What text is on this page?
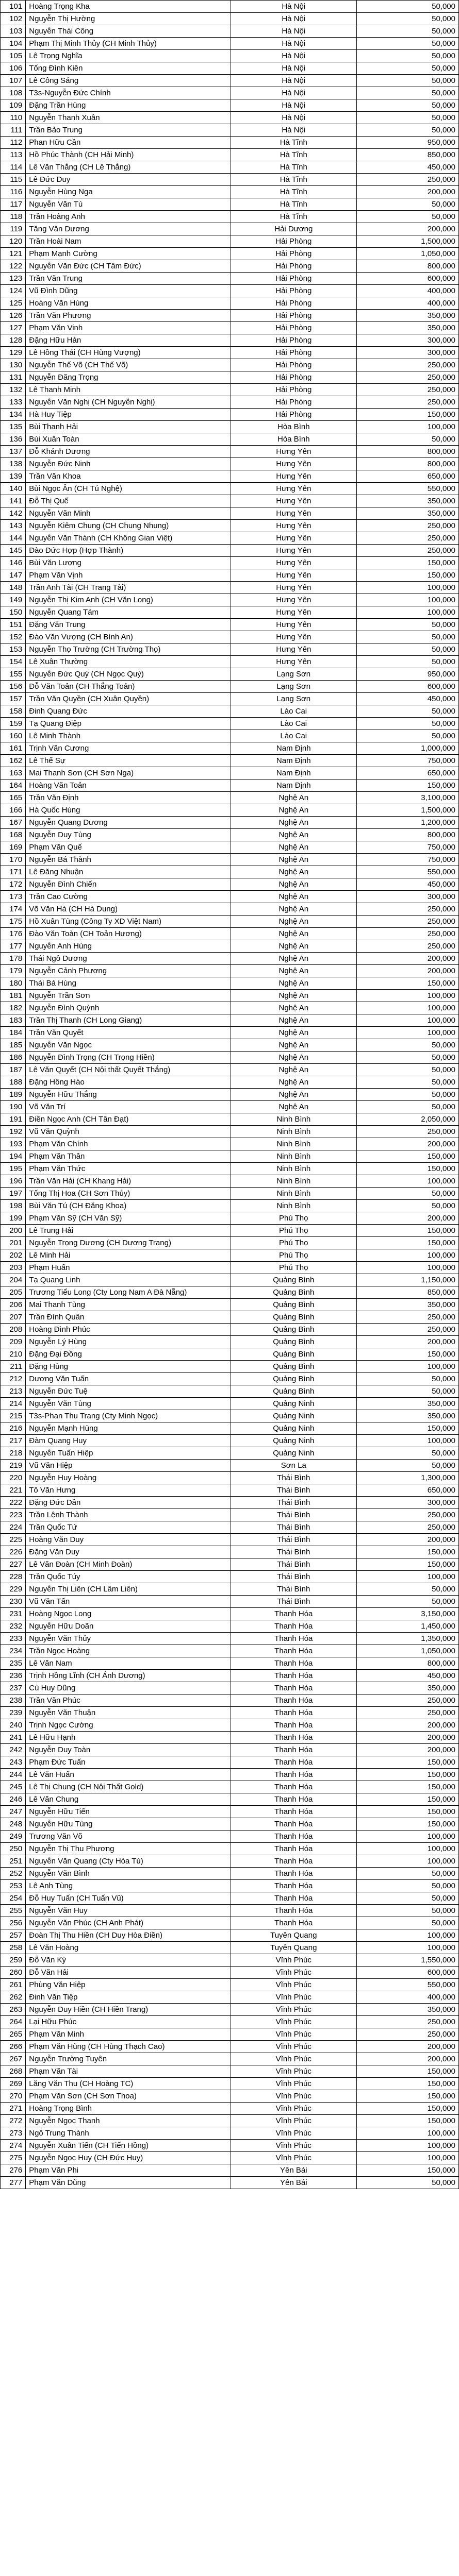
101	Hoàng Trọng Kha	Hà Nội	50,000
102	Nguyễn Thị Hường	Hà Nội	50,000
103	Nguyễn Thái Công	Hà Nội	50,000
104	Phạm Thị Minh Thủy (CH Minh Thủy)	Hà Nội	50,000
105	Lê Trọng Nghĩa	Hà Nội	50,000
106	Tống Đình Kiên	Hà Nội	50,000
107	Lê Công Sáng	Hà Nội	50,000
108	T3s-Nguyễn Đức Chính	Hà Nội	50,000
109	Đặng Trần Hùng	Hà Nội	50,000
110	Nguyễn Thanh Xuân	Hà Nội	50,000
111	Trần Bảo Trung	Hà Nội	50,000
112	Phan Hữu Cần	Hà Tĩnh	950,000
113	Hồ Phúc Thành (CH Hải Minh)	Hà Tĩnh	850,000
114	Lê Văn Thắng (CH Lê Thắng)	Hà Tĩnh	450,000
115	Lê Đức Duy	Hà Tĩnh	250,000
116	Nguyễn Hùng Nga	Hà Tĩnh	200,000
117	Nguyễn Văn Tú	Hà Tĩnh	50,000
118	Trần Hoàng Anh	Hà Tĩnh	50,000
119	Tăng Văn Dương	Hải Dương	200,000
120	Trần Hoài Nam	Hải Phòng	1,500,000
121	Phạm Mạnh Cường	Hải Phòng	1,050,000
122	Nguyễn Văn Đức (CH Tâm Đức)	Hải Phòng	800,000
123	Trần Văn Trung	Hải Phòng	600,000
124	Vũ Đình Dũng	Hải Phòng	400,000
125	Hoàng Văn Hùng	Hải Phòng	400,000
126	Trần Văn Phương	Hải Phòng	350,000
127	Phạm Văn Vinh	Hải Phòng	350,000
128	Đặng Hữu Hản	Hải Phòng	300,000
129	Lê Hồng Thái (CH Hùng Vượng)	Hải Phòng	300,000
130	Nguyễn Thế Võ (CH Thế Võ)	Hải Phòng	250,000
131	Nguyễn Đăng Trọng	Hải Phòng	250,000
132	Lê Thanh Minh	Hải Phòng	250,000
133	Nguyễn Văn Nghị (CH Nguyễn Nghị)	Hải Phòng	250,000
134	Hà Huy Tiệp	Hải Phòng	150,000
135	Bùi Thanh Hải	Hòa Bình	100,000
136	Bùi Xuân Toàn	Hòa Bình	50,000
137	Đỗ Khánh Dương	Hưng Yên	800,000
138	Nguyễn Đức Ninh	Hưng Yên	800,000
139	Trần Văn Khoa	Hưng Yên	650,000
140	Bùi Ngọc Ân (CH Tú Nghệ)	Hưng Yên	550,000
141	Đỗ Thị Quế	Hưng Yên	350,000
142	Nguyễn Văn Minh	Hưng Yên	350,000
143	Nguyễn Kiêm Chung (CH Chung Nhung)	Hưng Yên	250,000
144	Nguyễn Văn Thành (CH Không Gian Việt)	Hưng Yên	250,000
145	Đào Đức Hợp (Hợp Thành)	Hưng Yên	250,000
146	Bùi Văn Lượng	Hưng Yên	150,000
147	Phạm Văn Vịnh	Hưng Yên	150,000
148	Trần Anh Tài (CH Trang Tài)	Hưng Yên	100,000
149	Nguyễn Thị Kim Anh (CH Văn Long)	Hưng Yên	100,000
150	Nguyễn Quang Tám	Hưng Yên	100,000
151	Đặng Văn Trung	Hưng Yên	50,000
152	Đào Văn Vượng (CH Bình An)	Hưng Yên	50,000
153	Nguyễn Thọ Trường (CH Trường Thọ)	Hưng Yên	50,000
154	Lê Xuân Thường	Hưng Yên	50,000
155	Nguyễn Đức Quý (CH Ngọc Quý)	Lạng Sơn	950,000
156	Đỗ Văn Toản (CH Thắng Toản)	Lạng Sơn	600,000
157	Trần Văn Quyền (CH Xuân Quyền)	Lạng Sơn	450,000
158	Đinh Quang Đức	Lào Cai	50,000
159	Tạ Quang Điệp	Lào Cai	50,000
160	Lê Minh Thành	Lào Cai	50,000
161	Trịnh Văn Cương	Nam Định	1,000,000
162	Lê Thế Sự	Nam Định	750,000
163	Mai Thanh Sơn (CH Sơn Nga)	Nam Định	650,000
164	Hoàng Văn Toản	Nam Định	150,000
165	Trần Văn Định	Nghệ An	3,100,000
166	Hà Quốc Hùng	Nghệ An	1,500,000
167	Nguyễn Quang Dương	Nghệ An	1,200,000
168	Nguyễn Duy Tùng	Nghệ An	800,000
169	Phạm Văn Quế	Nghệ An	750,000
170	Nguyễn Bá Thành	Nghệ An	750,000
171	Lê Đăng Nhuận	Nghệ An	550,000
172	Nguyễn Đình Chiến	Nghệ An	450,000
173	Trần Cao Cường	Nghệ An	300,000
174	Võ Văn Hà (CH Hà Dung)	Nghệ An	250,000
175	Hồ Xuân Tùng (Công Ty XD Việt Nam)	Nghệ An	250,000
176	Đào Văn Toàn (CH Toản Hương)	Nghệ An	250,000
177	Nguyễn Anh Hùng	Nghệ An	250,000
178	Thái Ngô Dương	Nghệ An	200,000
179	Nguyễn Cảnh Phương	Nghệ An	200,000
180	Thái Bá Hùng	Nghệ An	150,000
181	Nguyễn Trần Sơn	Nghệ An	100,000
182	Nguyễn Đình Quỳnh	Nghệ An	100,000
183	Trần Thị Thanh (CH Long Giang)	Nghệ An	100,000
184	Trần Văn Quyết	Nghệ An	100,000
185	Nguyễn Văn Ngọc	Nghệ An	50,000
186	Nguyễn Đình Trọng (CH Trọng Hiền)	Nghệ An	50,000
187	Lê Văn Quyết (CH Nội thất Quyết Thắng)	Nghệ An	50,000
188	Đặng Hồng Hào	Nghệ An	50,000
189	Nguyễn Hữu Thắng	Nghệ An	50,000
190	Võ Văn Trí	Nghệ An	50,000
191	Điền Ngọc Anh (CH Tân Đạt)	Ninh Bình	2,050,000
192	Vũ Văn Quỳnh	Ninh Bình	250,000
193	Phạm Văn Chính	Ninh Bình	200,000
194	Phạm Văn Thân	Ninh Bình	150,000
195	Phạm Văn Thức	Ninh Bình	150,000
196	Trần Văn Hải (CH Khang Hải)	Ninh Bình	100,000
197	Tống Thị Hoa (CH Sơn Thủy)	Ninh Bình	50,000
198	Bùi Văn Tú (CH Đăng Khoa)	Ninh Bình	50,000
199	Phạm Văn Sỹ (CH Văn Sỹ)	Phú Thọ	200,000
200	Lê Trung Hải	Phú Thọ	150,000
201	Nguyễn Trọng Dương (CH Dương Trang)	Phú Thọ	150,000
202	Lê Minh Hải	Phú Thọ	100,000
203	Phạm Huấn	Phú Thọ	100,000
204	Tạ Quang Linh	Quảng Bình	1,150,000
205	Trương Tiểu Long (Cty Long Nam A Đà Nẵng)	Quảng Bình	850,000
206	Mai Thanh Tùng	Quảng Bình	350,000
207	Trần Đình Quân	Quảng Bình	250,000
208	Hoàng Đình Phúc	Quảng Bình	250,000
209	Nguyễn Lý Hùng	Quảng Bình	200,000
210	Đặng Đại Đồng	Quảng Bình	150,000
211	Đặng Hùng	Quảng Bình	100,000
212	Dương Văn Tuấn	Quảng Bình	50,000
213	Nguyễn Đức Tuệ	Quảng Bình	50,000
214	Nguyễn Văn Tùng	Quảng Ninh	350,000
215	T3s-Phan Thu Trang (Cty Minh Ngọc)	Quảng Ninh	350,000
216	Nguyễn Mạnh Hùng	Quảng Ninh	150,000
217	Đàm Quang Huy	Quảng Ninh	100,000
218	Nguyễn Tuấn Hiệp	Quảng Ninh	50,000
219	Vũ Văn Hiệp	Sơn La	50,000
220	Nguyễn Huy Hoàng	Thái Bình	1,300,000
221	Tô Văn Hưng	Thái Bình	650,000
222	Đặng Đức Dần	Thái Bình	300,000
223	Trần Lệnh Thành	Thái Bình	250,000
224	Trần Quốc Tứ	Thái Bình	250,000
225	Hoàng Văn Duy	Thái Bình	200,000
226	Đặng Văn Duy	Thái Bình	150,000
227	Lê Văn Đoàn (CH Minh Đoàn)	Thái Bình	150,000
228	Trần Quốc Túy	Thái Bình	100,000
229	Nguyễn Thị Liên (CH Lâm Liên)	Thái Bình	50,000
230	Vũ Văn Tấn	Thái Bình	50,000
231	Hoàng Ngọc Long	Thanh Hóa	3,150,000
232	Nguyễn Hữu Doãn	Thanh Hóa	1,450,000
233	Nguyễn Văn Thủy	Thanh Hóa	1,350,000
234	Trần Ngọc Hoàng	Thanh Hóa	1,050,000
235	Lê Văn Nam	Thanh Hóa	800,000
236	Trịnh Hồng Lĩnh (CH Ánh Dương)	Thanh Hóa	450,000
237	Cù Huy Dũng	Thanh Hóa	350,000
238	Trần Văn Phúc	Thanh Hóa	250,000
239	Nguyễn Văn Thuận	Thanh Hóa	250,000
240	Trịnh Ngọc Cường	Thanh Hóa	200,000
241	Lê Hữu Hạnh	Thanh Hóa	200,000
242	Nguyễn Duy Toàn	Thanh Hóa	200,000
243	Phạm Đức Tuấn	Thanh Hóa	150,000
244	Lê Văn Huấn	Thanh Hóa	150,000
245	Lê Thị Chung (CH Nội Thất Gold)	Thanh Hóa	150,000
246	Lê Văn Chung	Thanh Hóa	150,000
247	Nguyễn Hữu Tiến	Thanh Hóa	150,000
248	Nguyễn Hữu Tùng	Thanh Hóa	150,000
249	Trương Văn Võ	Thanh Hóa	100,000
250	Nguyễn Thị Thu Phương	Thanh Hóa	100,000
251	Nguyễn Văn Quang (Cty Hòa Tú)	Thanh Hóa	100,000
252	Nguyễn Văn Bình	Thanh Hóa	50,000
253	Lê Anh Tùng	Thanh Hóa	50,000
254	Đỗ Huy Tuấn (CH Tuấn Vũ)	Thanh Hóa	50,000
255	Nguyễn Văn Huy	Thanh Hóa	50,000
256	Nguyễn Văn Phúc (CH Anh Phát)	Thanh Hóa	50,000
257	Đoàn Thị Thu Hiền (CH Duy Hòa Điền)	Tuyên Quang	100,000
258	Lê Văn Hoàng	Tuyên Quang	100,000
259	Đỗ Văn Kỳ	Vĩnh Phúc	1,550,000
260	Đỗ Văn Hải	Vĩnh Phúc	600,000
261	Phùng Văn Hiệp	Vĩnh Phúc	550,000
262	Đinh Văn Tiệp	Vĩnh Phúc	400,000
263	Nguyễn Duy Hiền (CH Hiền Trang)	Vĩnh Phúc	350,000
264	Lại Hữu Phúc	Vĩnh Phúc	250,000
265	Phạm Văn Minh	Vĩnh Phúc	250,000
266	Phạm Văn Hùng (CH Hùng Thạch Cao)	Vĩnh Phúc	200,000
267	Nguyễn Trường Tuyên	Vĩnh Phúc	200,000
268	Phạm Văn Tài	Vĩnh Phúc	150,000
269	Lăng Văn Thu (CH Hoàng TC)	Vĩnh Phúc	150,000
270	Phạm Văn Sơn (CH Sơn Thoa)	Vĩnh Phúc	150,000
271	Hoàng Trọng Bình	Vĩnh Phúc	150,000
272	Nguyễn Ngọc Thanh	Vĩnh Phúc	150,000
273	Ngô Trung Thành	Vĩnh Phúc	100,000
274	Nguyễn Xuân Tiến (CH Tiến Hồng)	Vĩnh Phúc	100,000
275	Nguyễn Ngọc Huy (CH Đức Huy)	Vĩnh Phúc	100,000
276	Phạm Văn Phi	Yên Bái	150,000
277	Phạm Văn Dũng	Yên Bái	50,000
